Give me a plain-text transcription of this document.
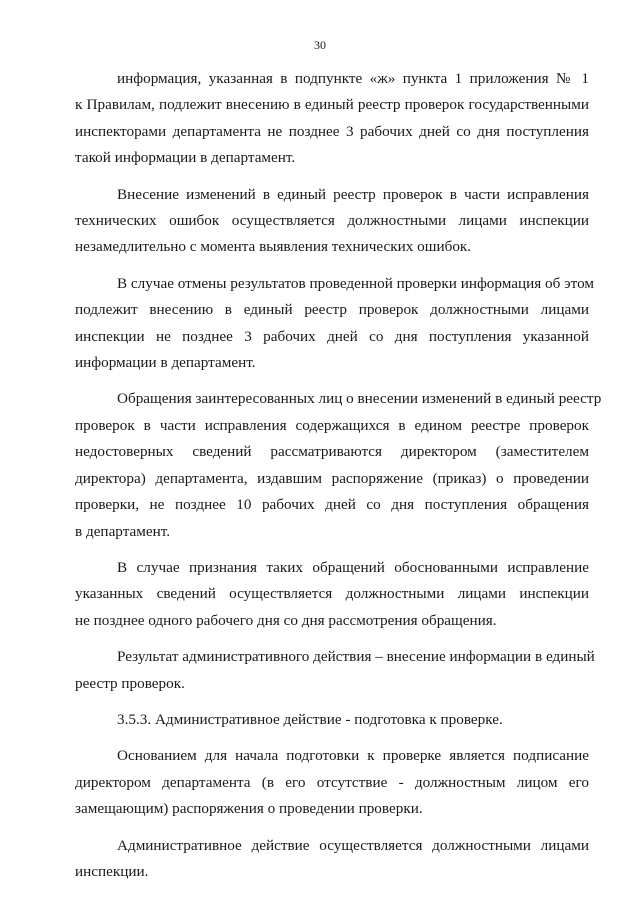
30

информация, указанная в подпункте «ж» пункта 1 приложения № 1
к Правилам, подлежит внесению в единый реестр проверок государственными
инспекторами департамента не позднее 3 рабочих дней со дня поступления
такой информации в департамент.

Внесение изменений в единый реестр проверок в части исправления
технических ошибок осуществляется должностными лицами инспекции
незамедлительно с момента выявления технических ошибок.

В случае отмены результатов проведенной проверки информация об этом
подлежит внесению в единый реестр проверок должностными лицами
инспекции не позднее 3 рабочих дней со дня поступления указанной
информации в департамент.

Обращения заинтересованных лиц о внесении изменений в единый реестр
проверок в части исправления содержащихся в едином реестре проверок
недостоверных сведений рассматриваются директором (заместителем
директора) департамента, издавшим распоряжение (приказ) о проведении
проверки, не позднее 10 рабочих дней со дня поступления обращения
в департамент.

В случае признания таких обращений обоснованными исправление
указанных сведений осуществляется должностными лицами инспекции
не позднее одного рабочего дня со дня рассмотрения обращения.

Результат административного действия – внесение информации в единый
реестр проверок.

3.5.3. Административное действие - подготовка к проверке.

Основанием для начала подготовки к проверке является подписание
директором департамента (в его отсутствие - должностным лицом его
замещающим) распоряжения о проведении проверки.

Административное действие осуществляется должностными лицами
инспекции.
